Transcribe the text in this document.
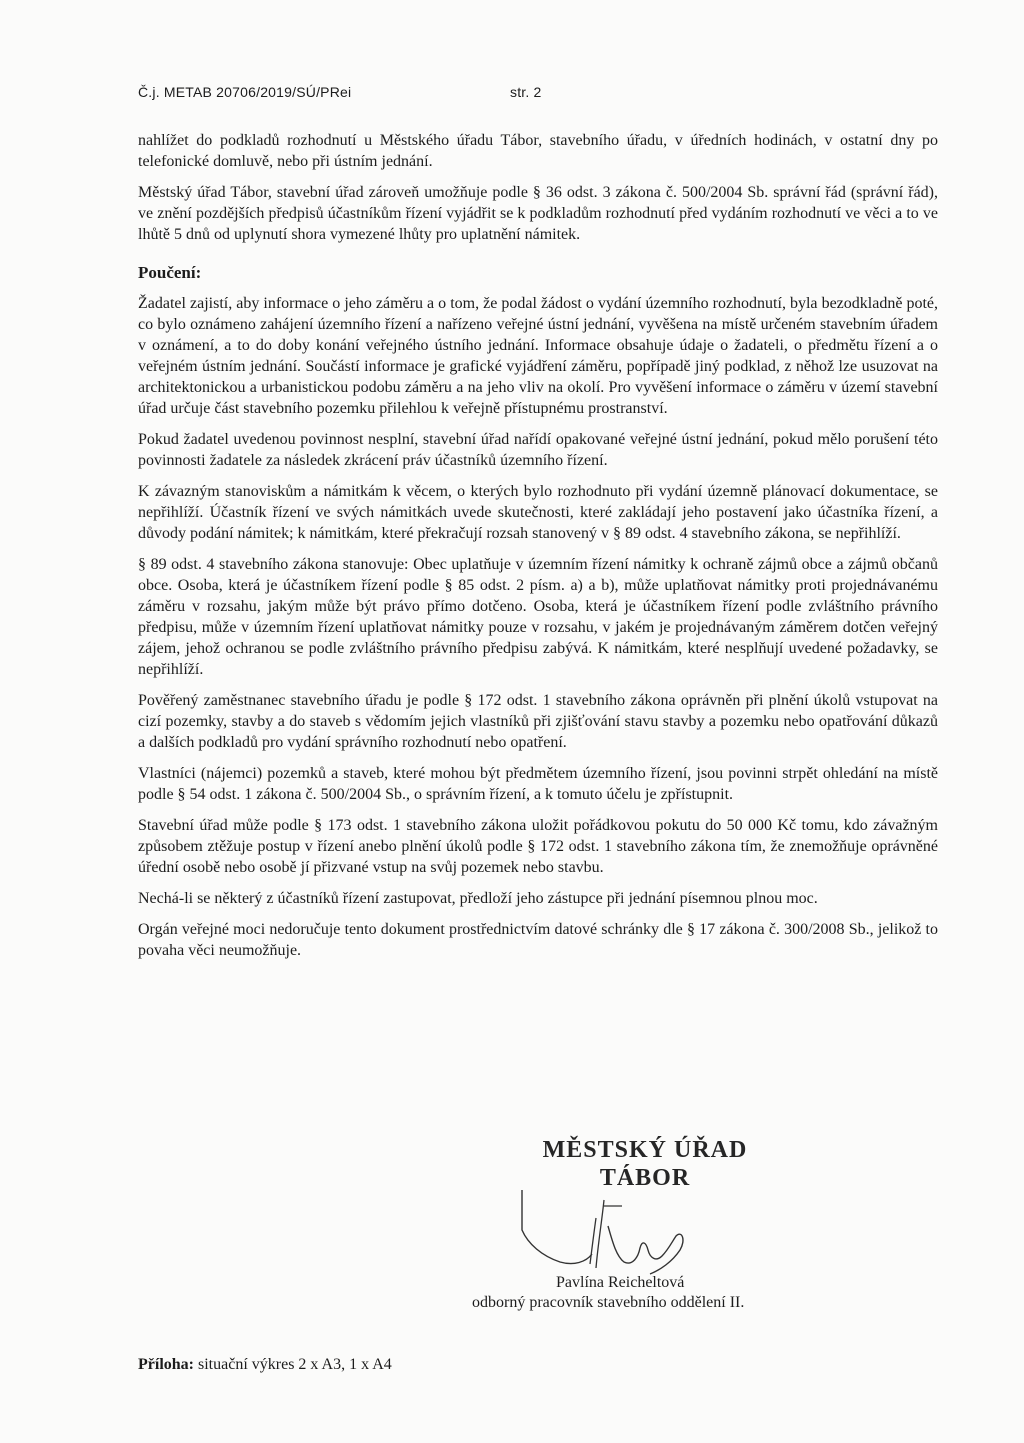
Č.j. METAB 20706/2019/SÚ/PRei	str. 2

nahlížet do podkladů rozhodnutí u Městského úřadu Tábor, stavebního úřadu, v úředních hodinách, v ostatní dny po telefonické domluvě, nebo při ústním jednání.

Městský úřad Tábor, stavební úřad zároveň umožňuje podle § 36 odst. 3 zákona č. 500/2004 Sb. správní řád (správní řád), ve znění pozdějších předpisů účastníkům řízení vyjádřit se k podkladům rozhodnutí před vydáním rozhodnutí ve věci a to ve lhůtě 5 dnů od uplynutí shora vymezené lhůty pro uplatnění námitek.

Poučení:

Žadatel zajistí, aby informace o jeho záměru a o tom, že podal žádost o vydání územního rozhodnutí, byla bezodkladně poté, co bylo oznámeno zahájení územního řízení a nařízeno veřejné ústní jednání, vyvěšena na místě určeném stavebním úřadem v oznámení, a to do doby konání veřejného ústního jednání. Informace obsahuje údaje o žadateli, o předmětu řízení a o veřejném ústním jednání. Součástí informace je grafické vyjádření záměru, popřípadě jiný podklad, z něhož lze usuzovat na architektonickou a urbanistickou podobu záměru a na jeho vliv na okolí. Pro vyvěšení informace o záměru v území stavební úřad určuje část stavebního pozemku přilehlou k veřejně přístupnému prostranství.

Pokud žadatel uvedenou povinnost nesplní, stavební úřad nařídí opakované veřejné ústní jednání, pokud mělo porušení této povinnosti žadatele za následek zkrácení práv účastníků územního řízení.

K závazným stanoviskům a námitkám k věcem, o kterých bylo rozhodnuto při vydání územně plánovací dokumentace, se nepřihlíží. Účastník řízení ve svých námitkách uvede skutečnosti, které zakládají jeho postavení jako účastníka řízení, a důvody podání námitek; k námitkám, které překračují rozsah stanovený v § 89 odst. 4 stavebního zákona, se nepřihlíží.

§ 89 odst. 4 stavebního zákona stanovuje: Obec uplatňuje v územním řízení námitky k ochraně zájmů obce a zájmů občanů obce. Osoba, která je účastníkem řízení podle § 85 odst. 2 písm. a) a b), může uplatňovat námitky proti projednávanému záměru v rozsahu, jakým může být právo přímo dotčeno. Osoba, která je účastníkem řízení podle zvláštního právního předpisu, může v územním řízení uplatňovat námitky pouze v rozsahu, v jakém je projednávaným záměrem dotčen veřejný zájem, jehož ochranou se podle zvláštního právního předpisu zabývá. K námitkám, které nesplňují uvedené požadavky, se nepřihlíží.

Pověřený zaměstnanec stavebního úřadu je podle § 172 odst. 1 stavebního zákona oprávněn při plnění úkolů vstupovat na cizí pozemky, stavby a do staveb s vědomím jejich vlastníků při zjišťování stavu stavby a pozemku nebo opatřování důkazů a dalších podkladů pro vydání správního rozhodnutí nebo opatření.

Vlastníci (nájemci) pozemků a staveb, které mohou být předmětem územního řízení, jsou povinni strpět ohledání na místě podle § 54 odst. 1 zákona č. 500/2004 Sb., o správním řízení, a k tomuto účelu je zpřístupnit.

Stavební úřad může podle § 173 odst. 1 stavebního zákona uložit pořádkovou pokutu do 50 000 Kč tomu, kdo závažným způsobem ztěžuje postup v řízení anebo plnění úkolů podle § 172 odst. 1 stavebního zákona tím, že znemožňuje oprávněné úřední osobě nebo osobě jí přizvané vstup na svůj pozemek nebo stavbu.

Nechá-li se některý z účastníků řízení zastupovat, předloží jeho zástupce při jednání písemnou plnou moc.

Orgán veřejné moci nedoručuje tento dokument prostřednictvím datové schránky dle § 17 zákona č. 300/2008 Sb., jelikož to povaha věci neumožňuje.

MĚSTSKÝ ÚŘAD
TÁBOR
Pavlína Reicheltová
odborný pracovník stavebního oddělení II.
Příloha: situační výkres 2 x A3, 1 x A4
